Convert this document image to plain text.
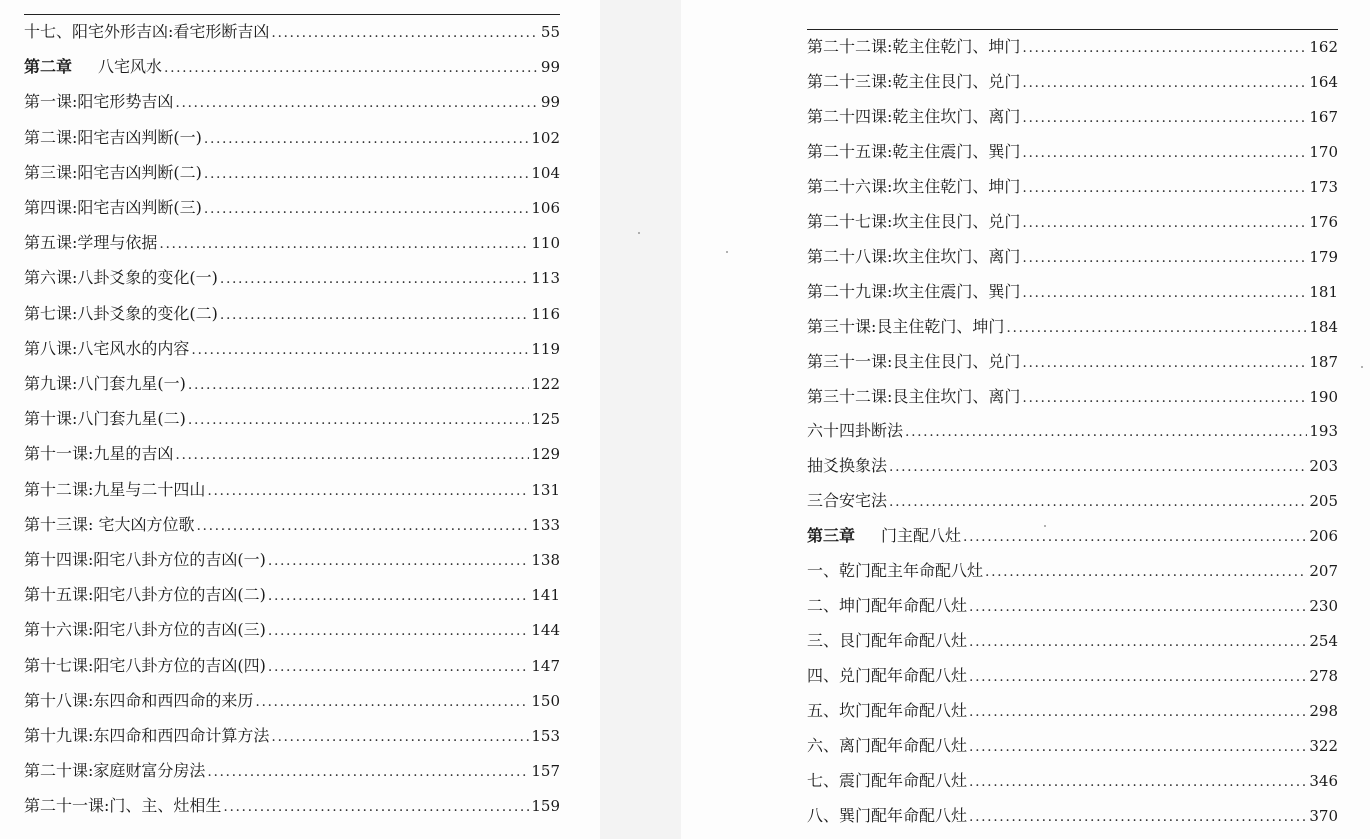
十七、阳宅外形吉凶:看宅形断吉凶 .....	55
第二章 八宅风水 .....	99
第一课:阳宅形势吉凶 .....	99
第二课:阳宅吉凶判断(一) .....	102
第三课:阳宅吉凶判断(二) .....	104
第四课:阳宅吉凶判断(三) .....	106
第五课:学理与依据 .....	110
第六课:八卦爻象的变化(一) .....	113
第七课:八卦爻象的变化(二) .....	116
第八课:八宅风水的内容 .....	119
第九课:八门套九星(一) .....	122
第十课:八门套九星(二) .....	125
第十一课:九星的吉凶 .....	129
第十二课:九星与二十四山 .....	131
第十三课: 宅大凶方位歌 .....	133
第十四课:阳宅八卦方位的吉凶(一) .....	138
第十五课:阳宅八卦方位的吉凶(二) .....	141
第十六课:阳宅八卦方位的吉凶(三) .....	144
第十七课:阳宅八卦方位的吉凶(四) .....	147
第十八课:东四命和西四命的来历 .....	150
第十九课:东四命和西四命计算方法 .....	153
第二十课:家庭财富分房法 .....	157
第二十一课:门、主、灶相生 .....	159
第二十二课:乾主住乾门、坤门 .....	162
第二十三课:乾主住艮门、兑门 .....	164
第二十四课:乾主住坎门、离门 .....	167
第二十五课:乾主住震门、巽门 .....	170
第二十六课:坎主住乾门、坤门 .....	173
第二十七课:坎主住艮门、兑门 .....	176
第二十八课:坎主住坎门、离门 .....	179
第二十九课:坎主住震门、巽门 .....	181
第三十课:艮主住乾门、坤门 .....	184
第三十一课:艮主住艮门、兑门 .....	187
第三十二课:艮主住坎门、离门 .....	190
六十四卦断法 .....	193
抽爻换象法 .....	203
三合安宅法 .....	205
第三章 门主配八灶 .....	206
一、乾门配主年命配八灶 .....	207
二、坤门配年命配八灶 .....	230
三、艮门配年命配八灶 .....	254
四、兑门配年命配八灶 .....	278
五、坎门配年命配八灶 .....	298
六、离门配年命配八灶 .....	322
七、震门配年命配八灶 .....	346
八、巽门配年命配八灶 .....	370
